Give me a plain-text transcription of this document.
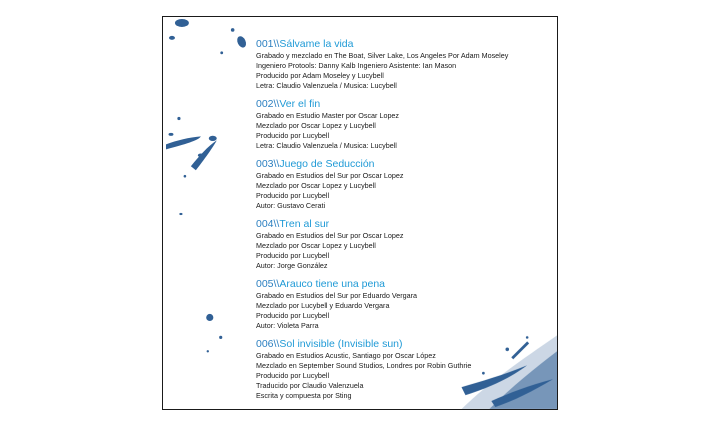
001\\Sálvame la vida
Grabado y mezclado en The Boat, Silver Lake, Los Angeles Por Adam Moseley
Ingeniero Protools: Danny Kalb Ingeniero Asistente: Ian Mason
Producido por Adam Moseley y Lucybell
Letra: Claudio Valenzuela / Musica: Lucybell
002\\Ver el fin
Grabado en Estudio Master por Oscar Lopez
Mezclado por Oscar Lopez y Lucybell
Producido por Lucybell
Letra: Claudio Valenzuela / Musica: Lucybell
003\\Juego de Seducción
Grabado en Estudios del Sur por Oscar Lopez
Mezclado por Oscar Lopez y Lucybell
Producido por Lucybell
Autor: Gustavo Cerati
004\\Tren al sur
Grabado en Estudios del Sur por Oscar Lopez
Mezclado por Oscar Lopez y Lucybell
Producido por Lucybell
Autor: Jorge González
005\\Arauco tiene una pena
Grabado en Estudios del Sur por Eduardo Vergara
Mezclado por Lucybell y Eduardo Vergara
Producido por Lucybell
Autor: Violeta Parra
006\\Sol invisible (Invisible sun)
Grabado en Estudios Acustic, Santiago por Oscar López
Mezclado en September Sound Studios, Londres por Robin Guthrie
Producido por Lucybell
Traducido por Claudio Valenzuela
Escrita y compuesta por Sting
